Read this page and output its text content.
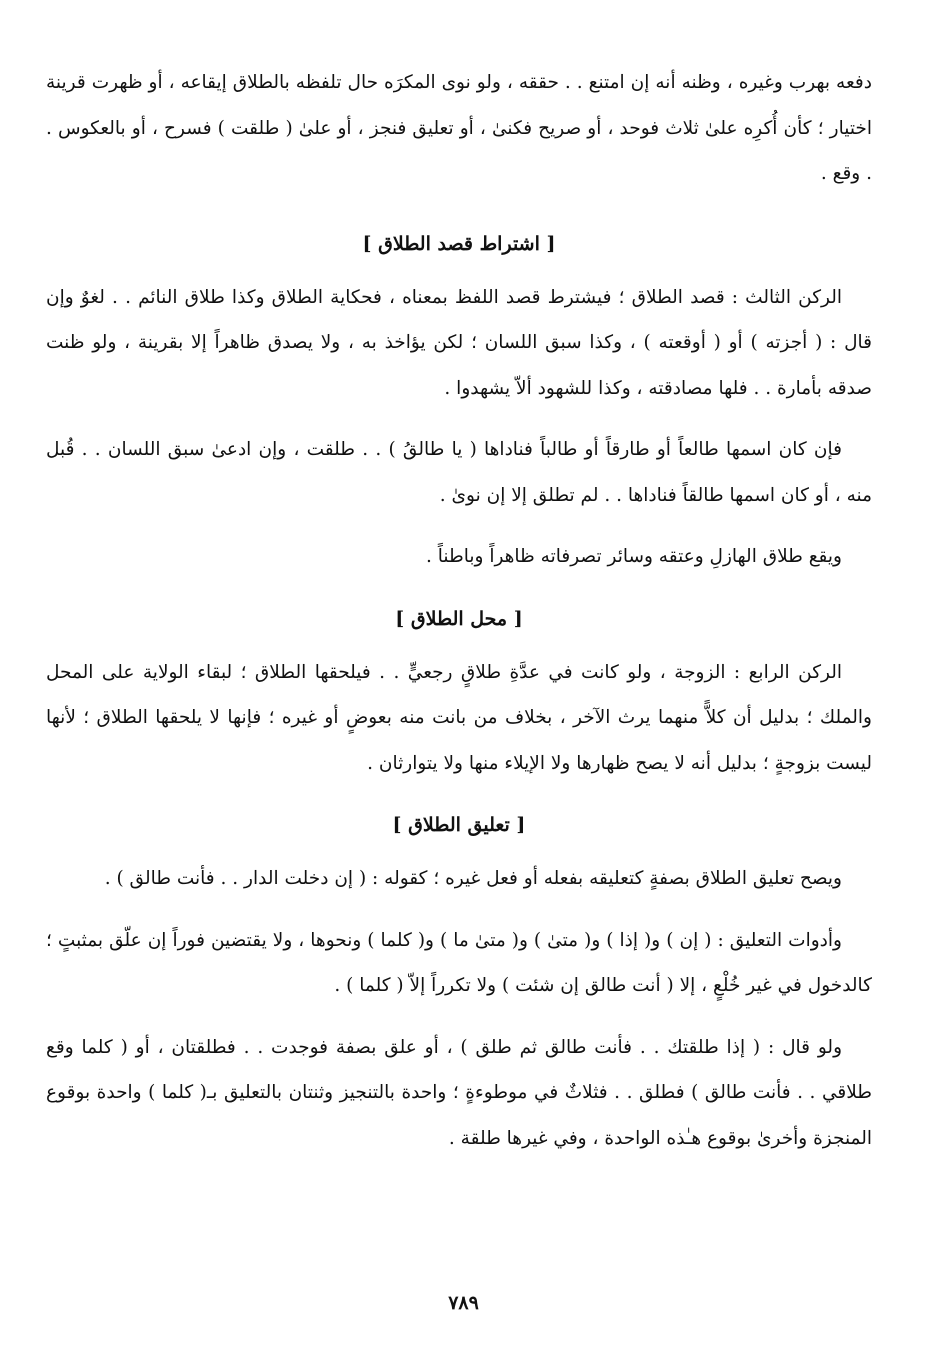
دفعه بهرب وغيره ، وظنه أنه إن امتنع . . حققه ، ولو نوى المكرَه حال تلفظه بالطلاق إيقاعه ، أو ظهرت قرينة اختيار ؛ كأن أُكرِه علىٰ ثلاث فوحد ، أو صريح فكنىٰ ، أو تعليق فنجز ، أو علىٰ ( طلقت ) فسرح ، أو بالعكوس . . وقع .

[ اشتراط قصد الطلاق ]

الركن الثالث : قصد الطلاق ؛ فيشترط قصد اللفظ بمعناه ، فحكاية الطلاق وكذا طلاق النائم . . لغوٌ وإن قال : ( أجزته ) أو ( أوقعته ) ، وكذا سبق اللسان ؛ لكن يؤاخذ به ، ولا يصدق ظاهراً إلا بقرينة ، ولو ظنت صدقه بأمارة . . فلها مصادقته ، وكذا للشهود ألاّ يشهدوا .

فإن كان اسمها طالعاً أو طارقاً أو طالباً فناداها ( يا طالقُ ) . . طلقت ، وإن ادعىٰ سبق اللسان . . قُبل منه ، أو كان اسمها طالقاً فناداها . . لم تطلق إلا إن نوىٰ .

ويقع طلاق الهازلِ وعتقه وسائر تصرفاته ظاهراً وباطناً .

[ محل الطلاق ]

الركن الرابع : الزوجة ، ولو كانت في عدَّةِ طلاقٍ رجعيٍّ . . فيلحقها الطلاق ؛ لبقاء الولاية على المحل والملك ؛ بدليل أن كلاًّ منهما يرث الآخر ، بخلاف من بانت منه بعوضٍ أو غيره ؛ فإنها لا يلحقها الطلاق ؛ لأنها ليست بزوجةٍ ؛ بدليل أنه لا يصح ظهارها ولا الإيلاء منها ولا يتوارثان .

[ تعليق الطلاق ]

ويصح تعليق الطلاق بصفةٍ كتعليقه بفعله أو فعل غيره ؛ كقوله : ( إن دخلت الدار . . فأنت طالق ) .

وأدوات التعليق : ( إن ) و( إذا ) و( متىٰ ) و( متىٰ ما ) و( كلما ) ونحوها ، ولا يقتضين فوراً إن علّق بمثبتٍ ؛ كالدخول في غير خُلْعٍ ، إلا ( أنت طالق إن شئت ) ولا تكرراً إلاّ ( كلما ) .

ولو قال : ( إذا طلقتك . . فأنت طالق ثم طلق ) ، أو علق بصفة فوجدت . . فطلقتان ، أو ( كلما وقع طلاقي . . فأنت طالق ) فطلق . . فثلاثٌ في موطوءةٍ ؛ واحدة بالتنجيز وثنتان بالتعليق بـ( كلما ) واحدة بوقوع المنجزة وأخرىٰ بوقوع هـٰذه الواحدة ، وفي غيرها طلقة .

٧٨٩
